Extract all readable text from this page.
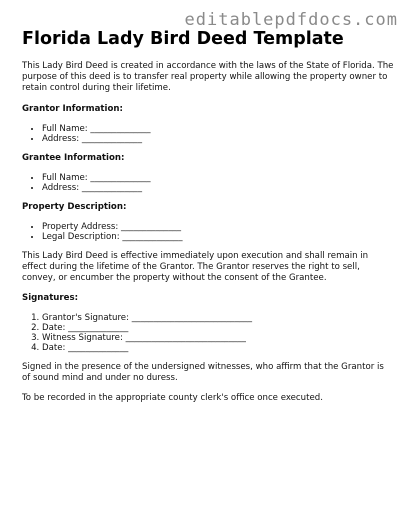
editablepdfdocs.com
Florida Lady Bird Deed Template

This Lady Bird Deed is created in accordance with the laws of the State of Florida. The purpose of this deed is to transfer real property while allowing the property owner to retain control during their lifetime.

Grantor Information:
• Full Name: ______________
• Address: ______________
Grantee Information:
• Full Name: ______________
• Address: ______________
Property Description:
• Property Address: ______________
• Legal Description: ______________

This Lady Bird Deed is effective immediately upon execution and shall remain in effect during the lifetime of the Grantor. The Grantor reserves the right to sell, convey, or encumber the property without the consent of the Grantee.

Signatures:
1. Grantor's Signature: ____________________________
2. Date: ______________
3. Witness Signature: ____________________________
4. Date: ______________

Signed in the presence of the undersigned witnesses, who affirm that the Grantor is of sound mind and under no duress.

To be recorded in the appropriate county clerk's office once executed.
